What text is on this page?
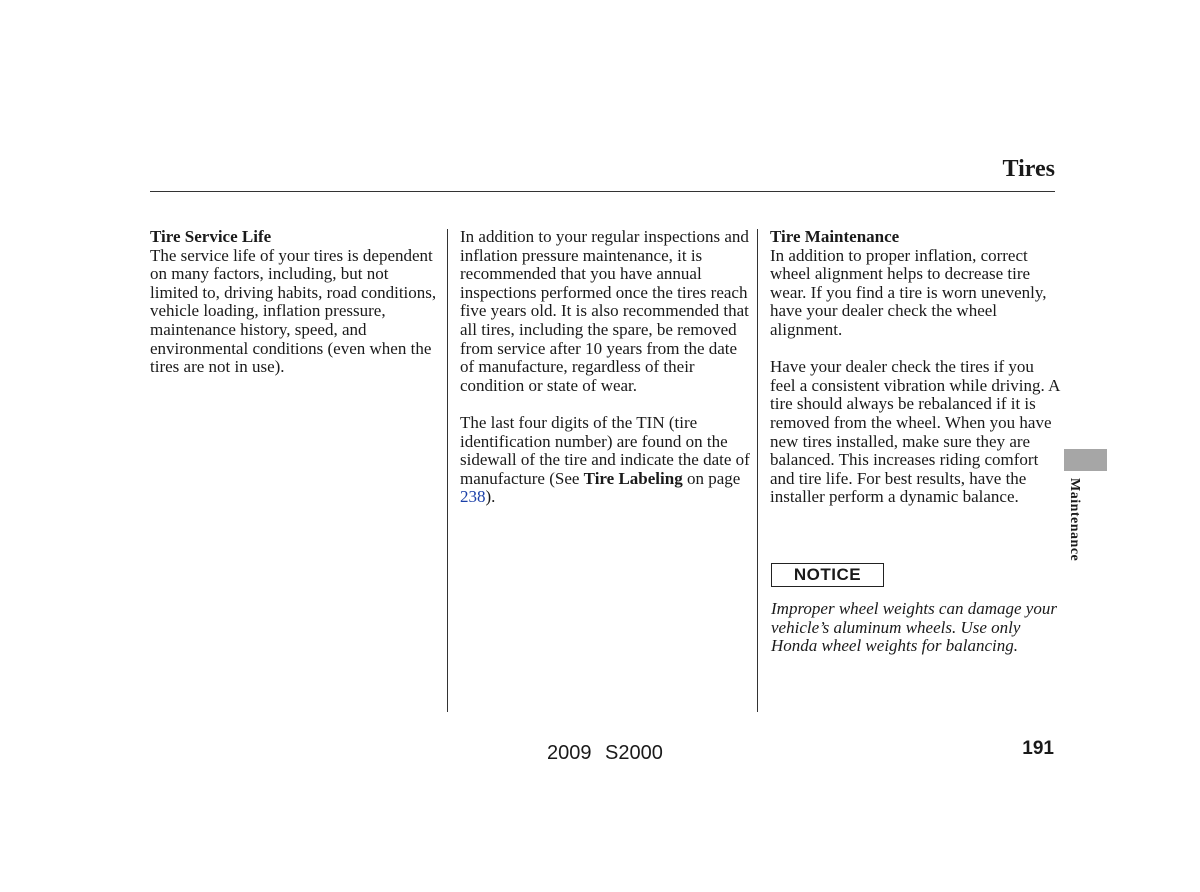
Tires
Tire Service Life

The service life of your tires is dependent on many factors, including, but not limited to, driving habits, road conditions, vehicle loading, inflation pressure, maintenance history, speed, and environmental conditions (even when the tires are not in use).

In addition to your regular inspections and inflation pressure maintenance, it is recommended that you have annual inspections performed once the tires reach five years old. It is also recommended that all tires, including the spare, be removed from service after 10 years from the date of manufacture, regardless of their condition or state of wear.

The last four digits of the TIN (tire identification number) are found on the sidewall of the tire and indicate the date of manufacture (See Tire Labeling on page 238).

Tire Maintenance

In addition to proper inflation, correct wheel alignment helps to decrease tire wear. If you find a tire is worn unevenly, have your dealer check the wheel alignment.

Have your dealer check the tires if you feel a consistent vibration while driving. A tire should always be rebalanced if it is removed from the wheel. When you have new tires installed, make sure they are balanced. This increases riding comfort and tire life. For best results, have the installer perform a dynamic balance.

NOTICE
Improper wheel weights can damage your vehicle’s aluminum wheels. Use only Honda wheel weights for balancing.
Maintenance
2009 S2000	191
